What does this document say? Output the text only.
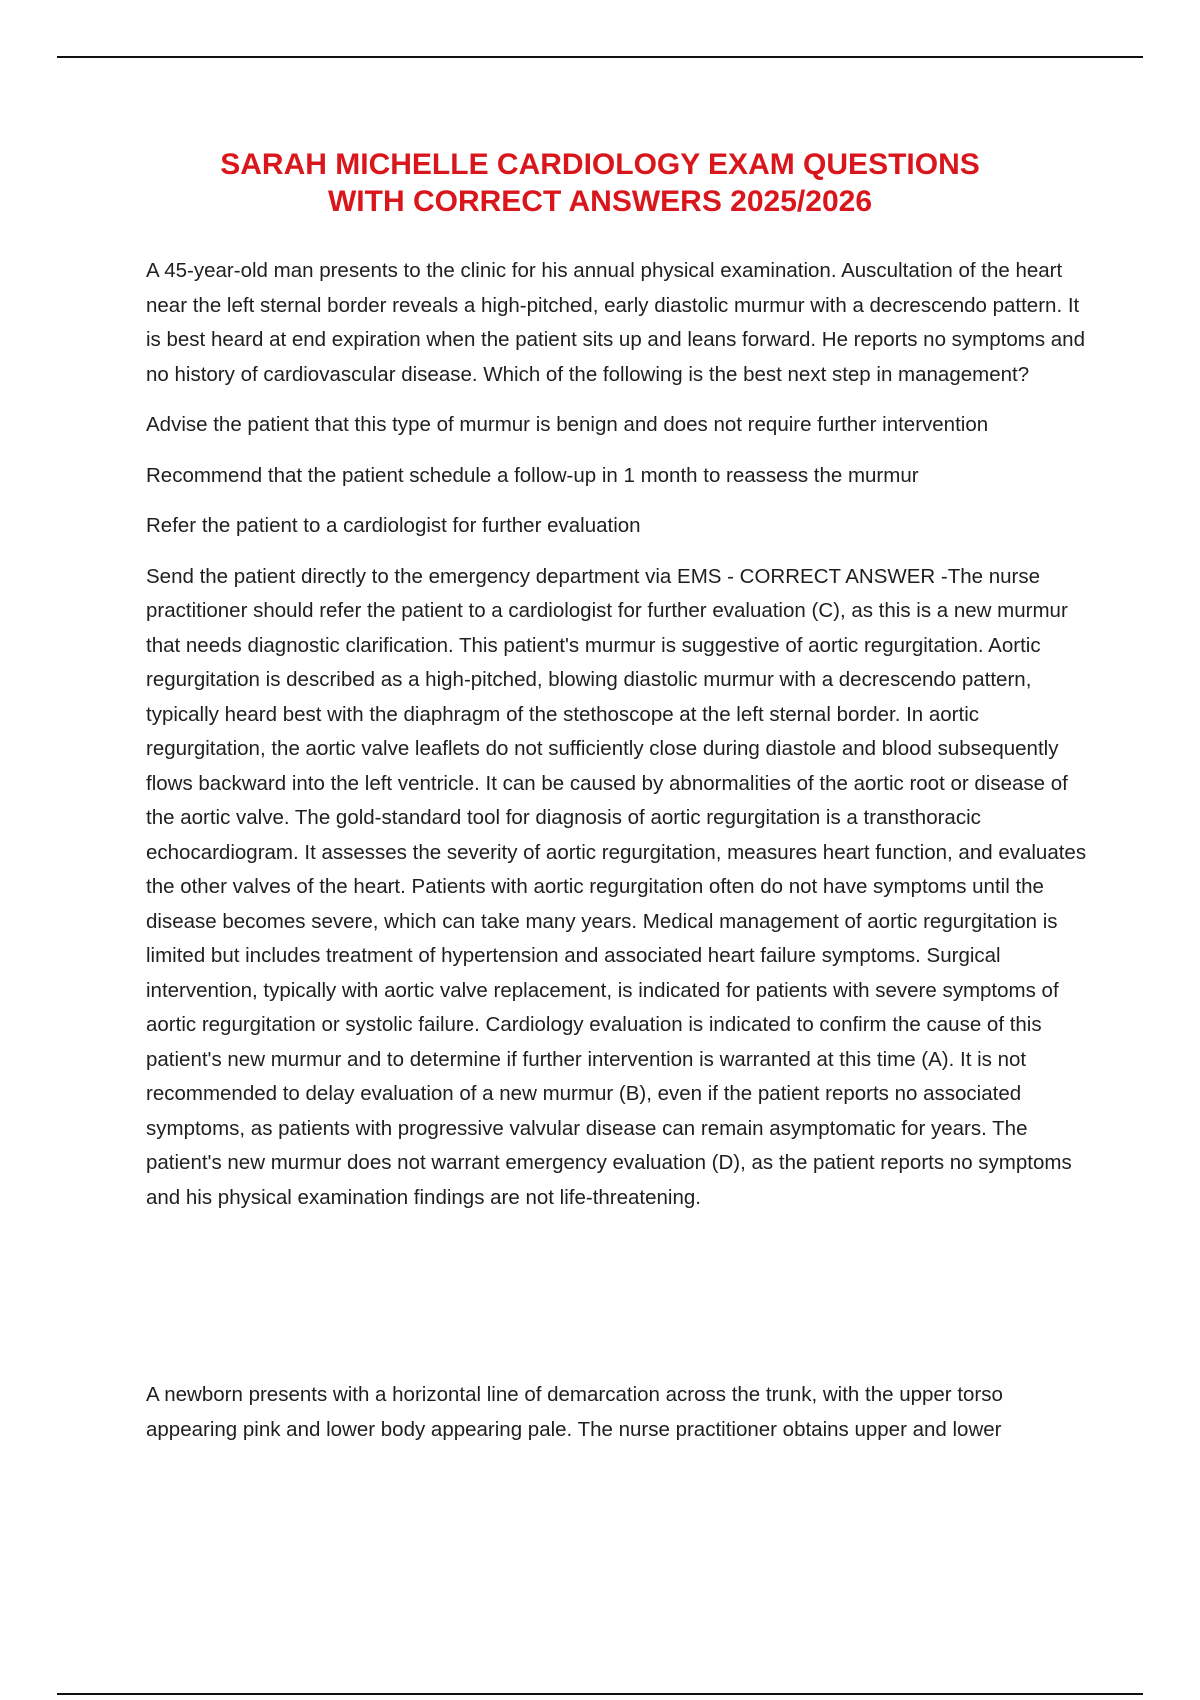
SARAH MICHELLE CARDIOLOGY EXAM QUESTIONS
WITH CORRECT ANSWERS 2025/2026

A 45-year-old man presents to the clinic for his annual physical examination. Auscultation of the heart near the left sternal border reveals a high-pitched, early diastolic murmur with a decrescendo pattern. It is best heard at end expiration when the patient sits up and leans forward. He reports no symptoms and no history of cardiovascular disease. Which of the following is the best next step in management?

Advise the patient that this type of murmur is benign and does not require further intervention

Recommend that the patient schedule a follow-up in 1 month to reassess the murmur

Refer the patient to a cardiologist for further evaluation

Send the patient directly to the emergency department via EMS - CORRECT ANSWER -The nurse practitioner should refer the patient to a cardiologist for further evaluation (C), as this is a new murmur that needs diagnostic clarification. This patient's murmur is suggestive of aortic regurgitation. Aortic regurgitation is described as a high-pitched, blowing diastolic murmur with a decrescendo pattern, typically heard best with the diaphragm of the stethoscope at the left sternal border. In aortic regurgitation, the aortic valve leaflets do not sufficiently close during diastole and blood subsequently flows backward into the left ventricle. It can be caused by abnormalities of the aortic root or disease of the aortic valve. The gold-standard tool for diagnosis of aortic regurgitation is a transthoracic echocardiogram. It assesses the severity of aortic regurgitation, measures heart function, and evaluates the other valves of the heart. Patients with aortic regurgitation often do not have symptoms until the disease becomes severe, which can take many years. Medical management of aortic regurgitation is limited but includes treatment of hypertension and associated heart failure symptoms. Surgical intervention, typically with aortic valve replacement, is indicated for patients with severe symptoms of aortic regurgitation or systolic failure. Cardiology evaluation is indicated to confirm the cause of this patient's new murmur and to determine if further intervention is warranted at this time (A). It is not recommended to delay evaluation of a new murmur (B), even if the patient reports no associated symptoms, as patients with progressive valvular disease can remain asymptomatic for years. The patient's new murmur does not warrant emergency evaluation (D), as the patient reports no symptoms and his physical examination findings are not life-threatening.

A newborn presents with a horizontal line of demarcation across the trunk, with the upper torso appearing pink and lower body appearing pale. The nurse practitioner obtains upper and lower
